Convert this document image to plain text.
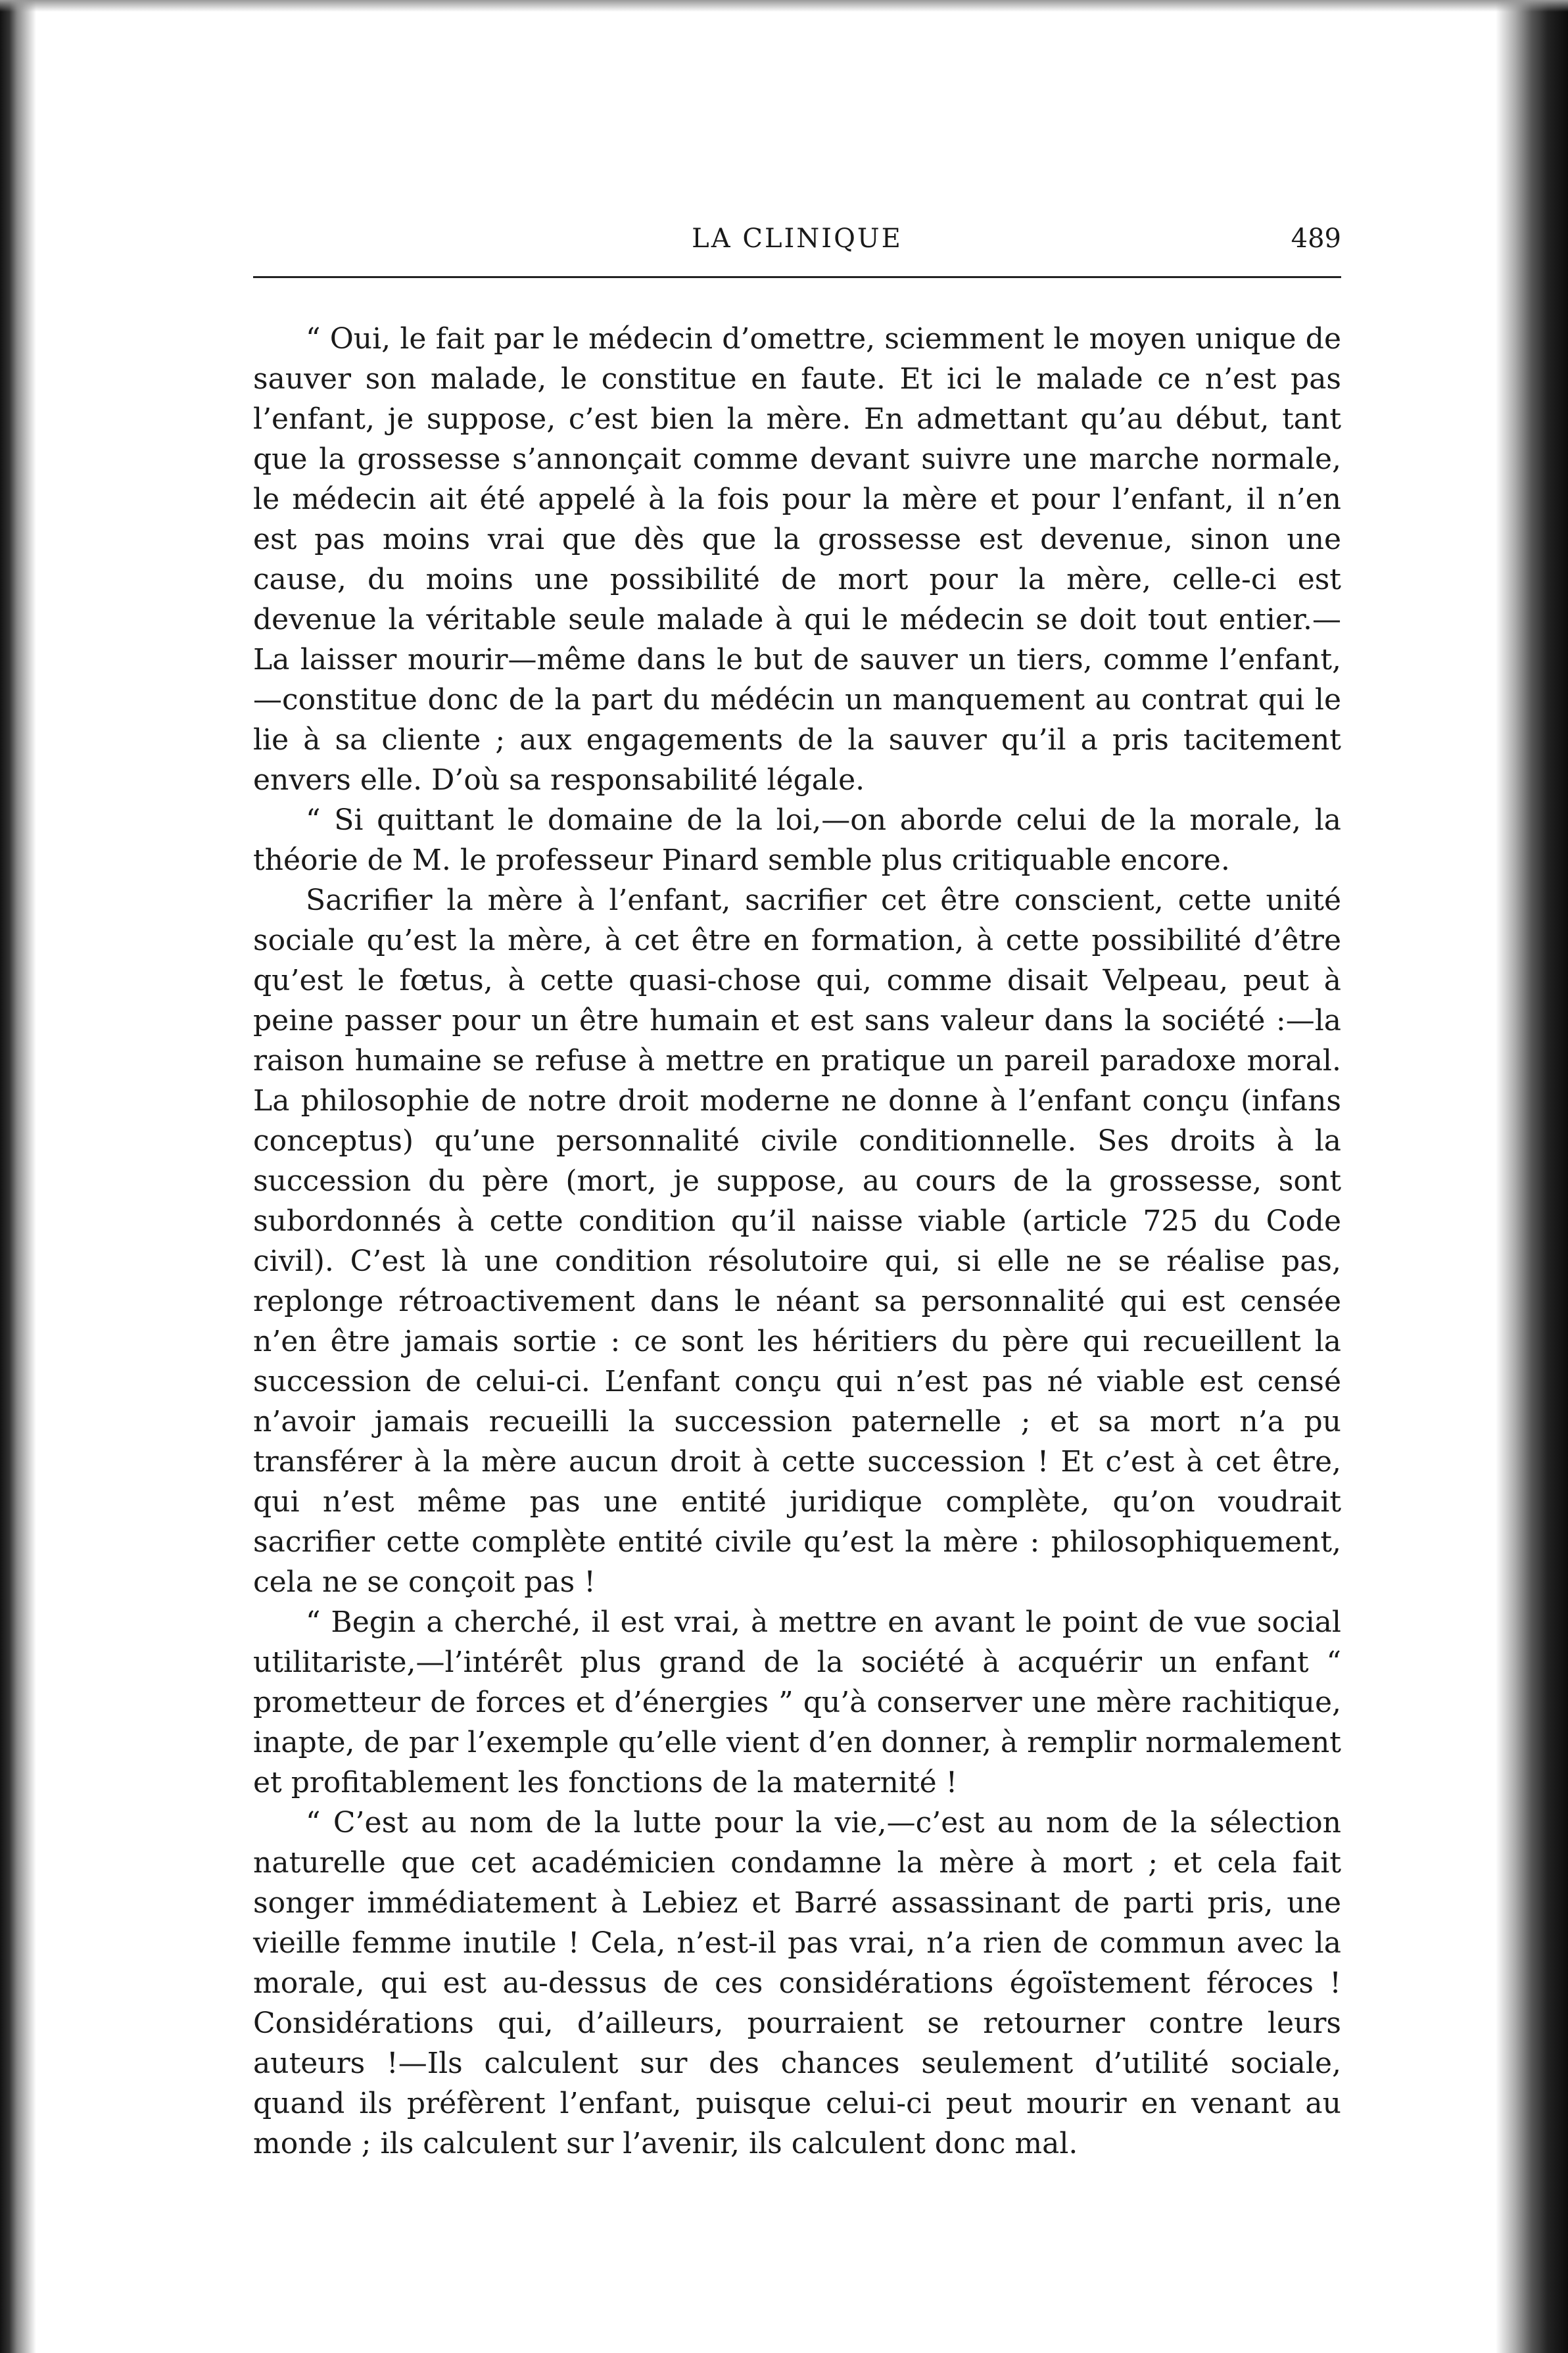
LA CLINIQUE	489

“ Oui, le fait par le médecin d’omettre, sciemment le moyen unique de sauver son malade, le constitue en faute. Et ici le malade ce n’est pas l’enfant, je suppose, c’est bien la mère. En admettant qu’au début, tant que la grossesse s’annonçait comme devant suivre une marche normale, le médecin ait été appelé à la fois pour la mère et pour l’enfant, il n’en est pas moins vrai que dès que la grossesse est devenue, sinon une cause, du moins une possibilité de mort pour la mère, celle-ci est devenue la véritable seule malade à qui le médecin se doit tout entier.—La laisser mourir—même dans le but de sauver un tiers, comme l’enfant,—constitue donc de la part du médécin un manquement au contrat qui le lie à sa cliente ; aux engagements de la sauver qu’il a pris tacitement envers elle. D’où sa responsabilité légale.

“ Si quittant le domaine de la loi,—on aborde celui de la morale, la théorie de M. le professeur Pinard semble plus critiquable encore.

Sacrifier la mère à l’enfant, sacrifier cet être conscient, cette unité sociale qu’est la mère, à cet être en formation, à cette possibilité d’être qu’est le fœtus, à cette quasi-chose qui, comme disait Velpeau, peut à peine passer pour un être humain et est sans valeur dans la société :—la raison humaine se refuse à mettre en pratique un pareil paradoxe moral. La philosophie de notre droit moderne ne donne à l’enfant conçu (infans conceptus) qu’une personnalité civile conditionnelle. Ses droits à la succession du père (mort, je suppose, au cours de la grossesse, sont subordonnés à cette condition qu’il naisse viable (article 725 du Code civil). C’est là une condition résolutoire qui, si elle ne se réalise pas, replonge rétroactivement dans le néant sa personnalité qui est censée n’en être jamais sortie : ce sont les héritiers du père qui recueillent la succession de celui-ci. L’enfant conçu qui n’est pas né viable est censé n’avoir jamais recueilli la succession paternelle ; et sa mort n’a pu transférer à la mère aucun droit à cette succession ! Et c’est à cet être, qui n’est même pas une entité juridique complète, qu’on voudrait sacrifier cette complète entité civile qu’est la mère : philosophiquement, cela ne se conçoit pas !

“ Begin a cherché, il est vrai, à mettre en avant le point de vue social utilitariste,—l’intérêt plus grand de la société à acquérir un enfant “ prometteur de forces et d’énergies ” qu’à conserver une mère rachitique, inapte, de par l’exemple qu’elle vient d’en donner, à remplir normalement et profitablement les fonctions de la maternité !

“ C’est au nom de la lutte pour la vie,—c’est au nom de la sélection naturelle que cet académicien condamne la mère à mort ; et cela fait songer immédiatement à Lebiez et Barré assassinant de parti pris, une vieille femme inutile ! Cela, n’est-il pas vrai, n’a rien de commun avec la morale, qui est au-dessus de ces considérations égoïstement féroces ! Considérations qui, d’ailleurs, pourraient se retourner contre leurs auteurs !—Ils calculent sur des chances seulement d’utilité sociale, quand ils préfèrent l’enfant, puisque celui-ci peut mourir en venant au monde ; ils calculent sur l’avenir, ils calculent donc mal.
